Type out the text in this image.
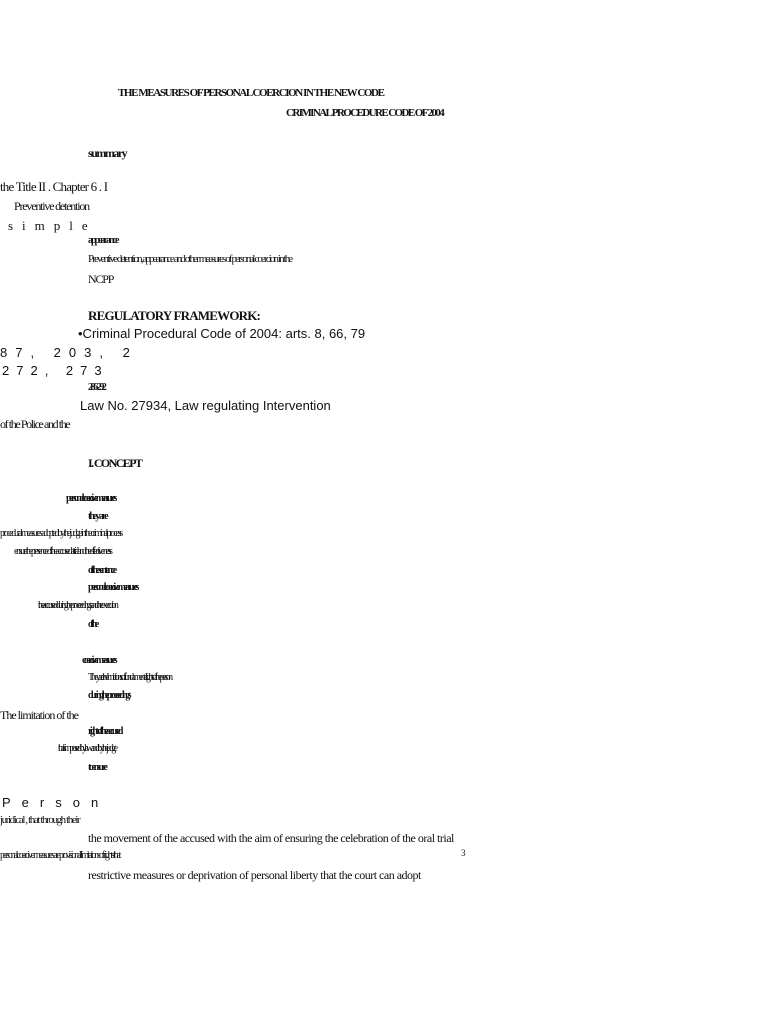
THE MEASURES OF PERSONAL COERCION IN THE NEW CODE
CRIMINAL PROCEDURE CODE OF 2004
summary
the Title II . Chapter 6 . I
Preventive detention
simple
appearance
Preventive detention, appearance and other measures of personal coercion in the
NCPP
REGULATORY FRAMEWORK:
•Criminal Procedural Code of 2004: arts. 8, 66, 79
87, 203, 2
272, 273
286-292
Law No. 27934, Law regulating Intervention
of the Police and the
I. CONCEPT
personal coercive measures
they are
procedural measures adopted by the judge in the criminal process
ensure the presence of the accused at trial and the effectiveness
of the sentence
personal coercive measures
the accused during the proceedings and the execution
of the
coercive measures
They are the limitations of fundamental rights of the person
during the proceedings
The limitation of the
rights of the accused
that is imposed by law and by the judge
to ensure
Person
juridical , that through their
the movement of the accused with the aim of ensuring the celebration of the oral trial
personal coercive measures are provisional limitations of rights that	3
restrictive measures or deprivation of personal liberty that the court can adopt
